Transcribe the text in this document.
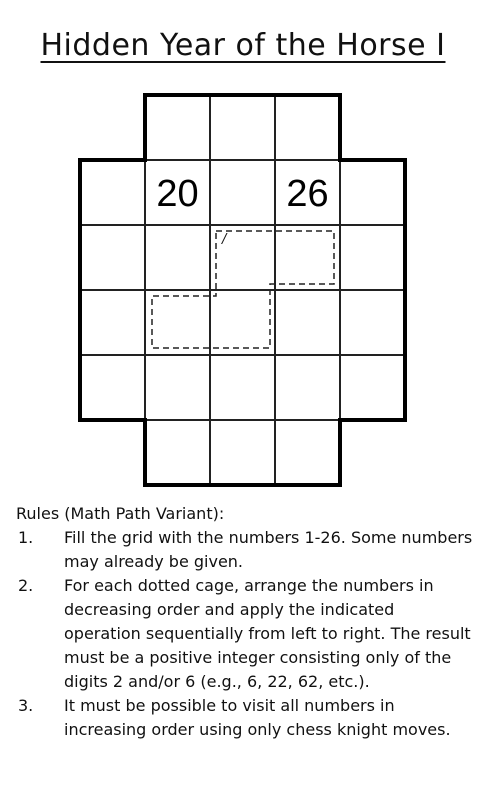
Hidden Year of the Horse I
20 26
/
Rules (Math Path Variant):
1. Fill the grid with the numbers 1-26. Some numbers may already be given.
2. For each dotted cage, arrange the numbers in decreasing order and apply the indicated operation sequentially from left to right. The result must be a positive integer consisting only of the digits 2 and/or 6 (e.g., 6, 22, 62, etc.).
3. It must be possible to visit all numbers in increasing order using only chess knight moves.
